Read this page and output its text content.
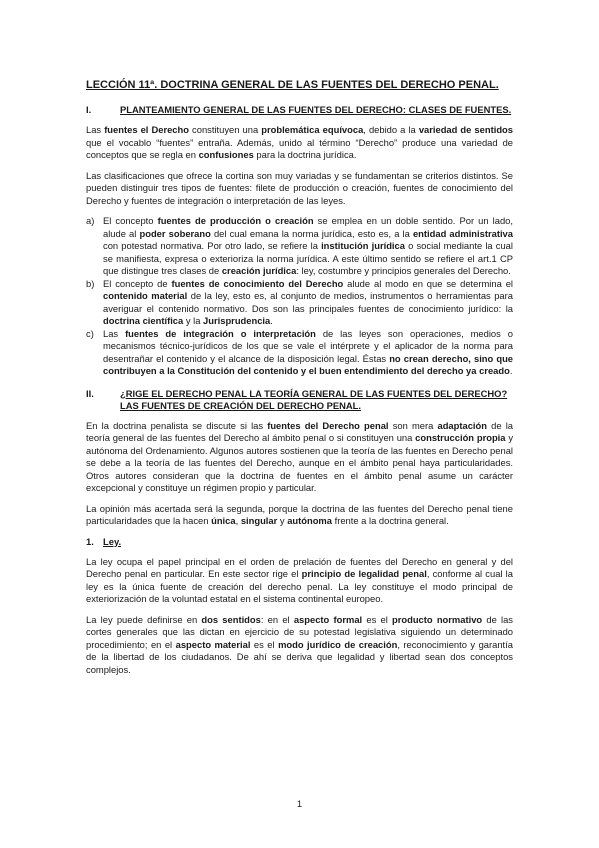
LECCIÓN 11ª. DOCTRINA GENERAL DE LAS FUENTES DEL DERECHO PENAL.
I.	PLANTEAMIENTO GENERAL DE LAS FUENTES DEL DERECHO: CLASES DE FUENTES.

Las fuentes el Derecho constituyen una problemática equívoca, debido a la variedad de sentidos que el vocablo “fuentes” entraña. Además, unido al término “Derecho” produce una variedad de conceptos que se regla en confusiones para la doctrina jurídica.

Las clasificaciones que ofrece la cortina son muy variadas y se fundamentan se criterios distintos. Se pueden distinguir tres tipos de fuentes: filete de producción o creación, fuentes de conocimiento del Derecho y fuentes de integración o interpretación de las leyes.

a) El concepto fuentes de producción o creación se emplea en un doble sentido. Por un lado, alude al poder soberano del cual emana la norma jurídica, esto es, a la entidad administrativa con potestad normativa. Por otro lado, se refiere la institución jurídica o social mediante la cual se manifiesta, expresa o exterioriza la norma jurídica. A este último sentido se refiere el art.1 CP que distingue tres clases de creación jurídica: ley, costumbre y principios generales del Derecho.
b) El concepto de fuentes de conocimiento del Derecho alude al modo en que se determina el contenido material de la ley, esto es, al conjunto de medios, instrumentos o herramientas para averiguar el contenido normativo. Dos son las principales fuentes de conocimiento jurídico: la doctrina científica y la Jurisprudencia.
c) Las fuentes de integración o interpretación de las leyes son operaciones, medios o mecanismos técnico-jurídicos de los que se vale el intérprete y el aplicador de la norma para desentrañar el contenido y el alcance de la disposición legal. Éstas no crean derecho, sino que contribuyen a la Constitución del contenido y el buen entendimiento del derecho ya creado.
II.	¿RIGE EL DERECHO PENAL LA TEORÍA GENERAL DE LAS FUENTES DEL DERECHO? LAS FUENTES DE CREACIÓN DEL DERECHO PENAL.

En la doctrina penalista se discute si las fuentes del Derecho penal son mera adaptación de la teoría general de las fuentes del Derecho al ámbito penal o si constituyen una construcción propia y autónoma del Ordenamiento. Algunos autores sostienen que la teoría de las fuentes en Derecho penal se debe a la teoría de las fuentes del Derecho, aunque en el ámbito penal haya particularidades. Otros autores consideran que la doctrina de fuentes en el ámbito penal asume un carácter excepcional y constituye un régimen propio y particular.

La opinión más acertada será la segunda, porque la doctrina de las fuentes del Derecho penal tiene particularidades que la hacen única, singular y autónoma frente a la doctrina general.

1. Ley.

La ley ocupa el papel principal en el orden de prelación de fuentes del Derecho en general y del Derecho penal en particular. En este sector rige el principio de legalidad penal, conforme al cual la ley es la única fuente de creación del derecho penal. La ley constituye el modo principal de exteriorización de la voluntad estatal en el sistema continental europeo.

La ley puede definirse en dos sentidos: en el aspecto formal es el producto normativo de las cortes generales que las dictan en ejercicio de su potestad legislativa siguiendo un determinado procedimiento; en el aspecto material es el modo jurídico de creación, reconocimiento y garantía de la libertad de los ciudadanos. De ahí se deriva que legalidad y libertad sean dos conceptos complejos.

1
